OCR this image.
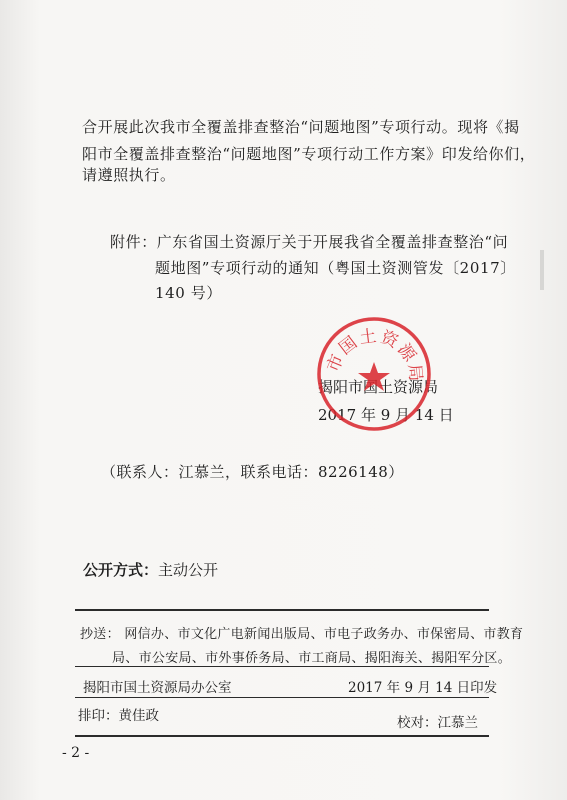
合开展此次我市全覆盖排查整治“问题地图”专项行动。现将《揭
阳市全覆盖排查整治“问题地图”专项行动工作方案》印发给你们，
请遵照执行。
附件：广东省国土资源厅关于开展我省全覆盖排查整治“问
题地图”专项行动的通知（粤国土资测管发〔2017〕
140 号）
揭阳市国土资源局
2017 年 9 月 14 日
市国土资源局
（联系人：江慕兰，联系电话：8226148）
公开方式：主动公开
抄送： 网信办、市文化广电新闻出版局、市电子政务办、市保密局、市教育
局、市公安局、市外事侨务局、市工商局、揭阳海关、揭阳军分区。
揭阳市国土资源局办公室	2017 年 9 月 14 日印发
排印：黄佳政	校对：江慕兰
- 2 -
